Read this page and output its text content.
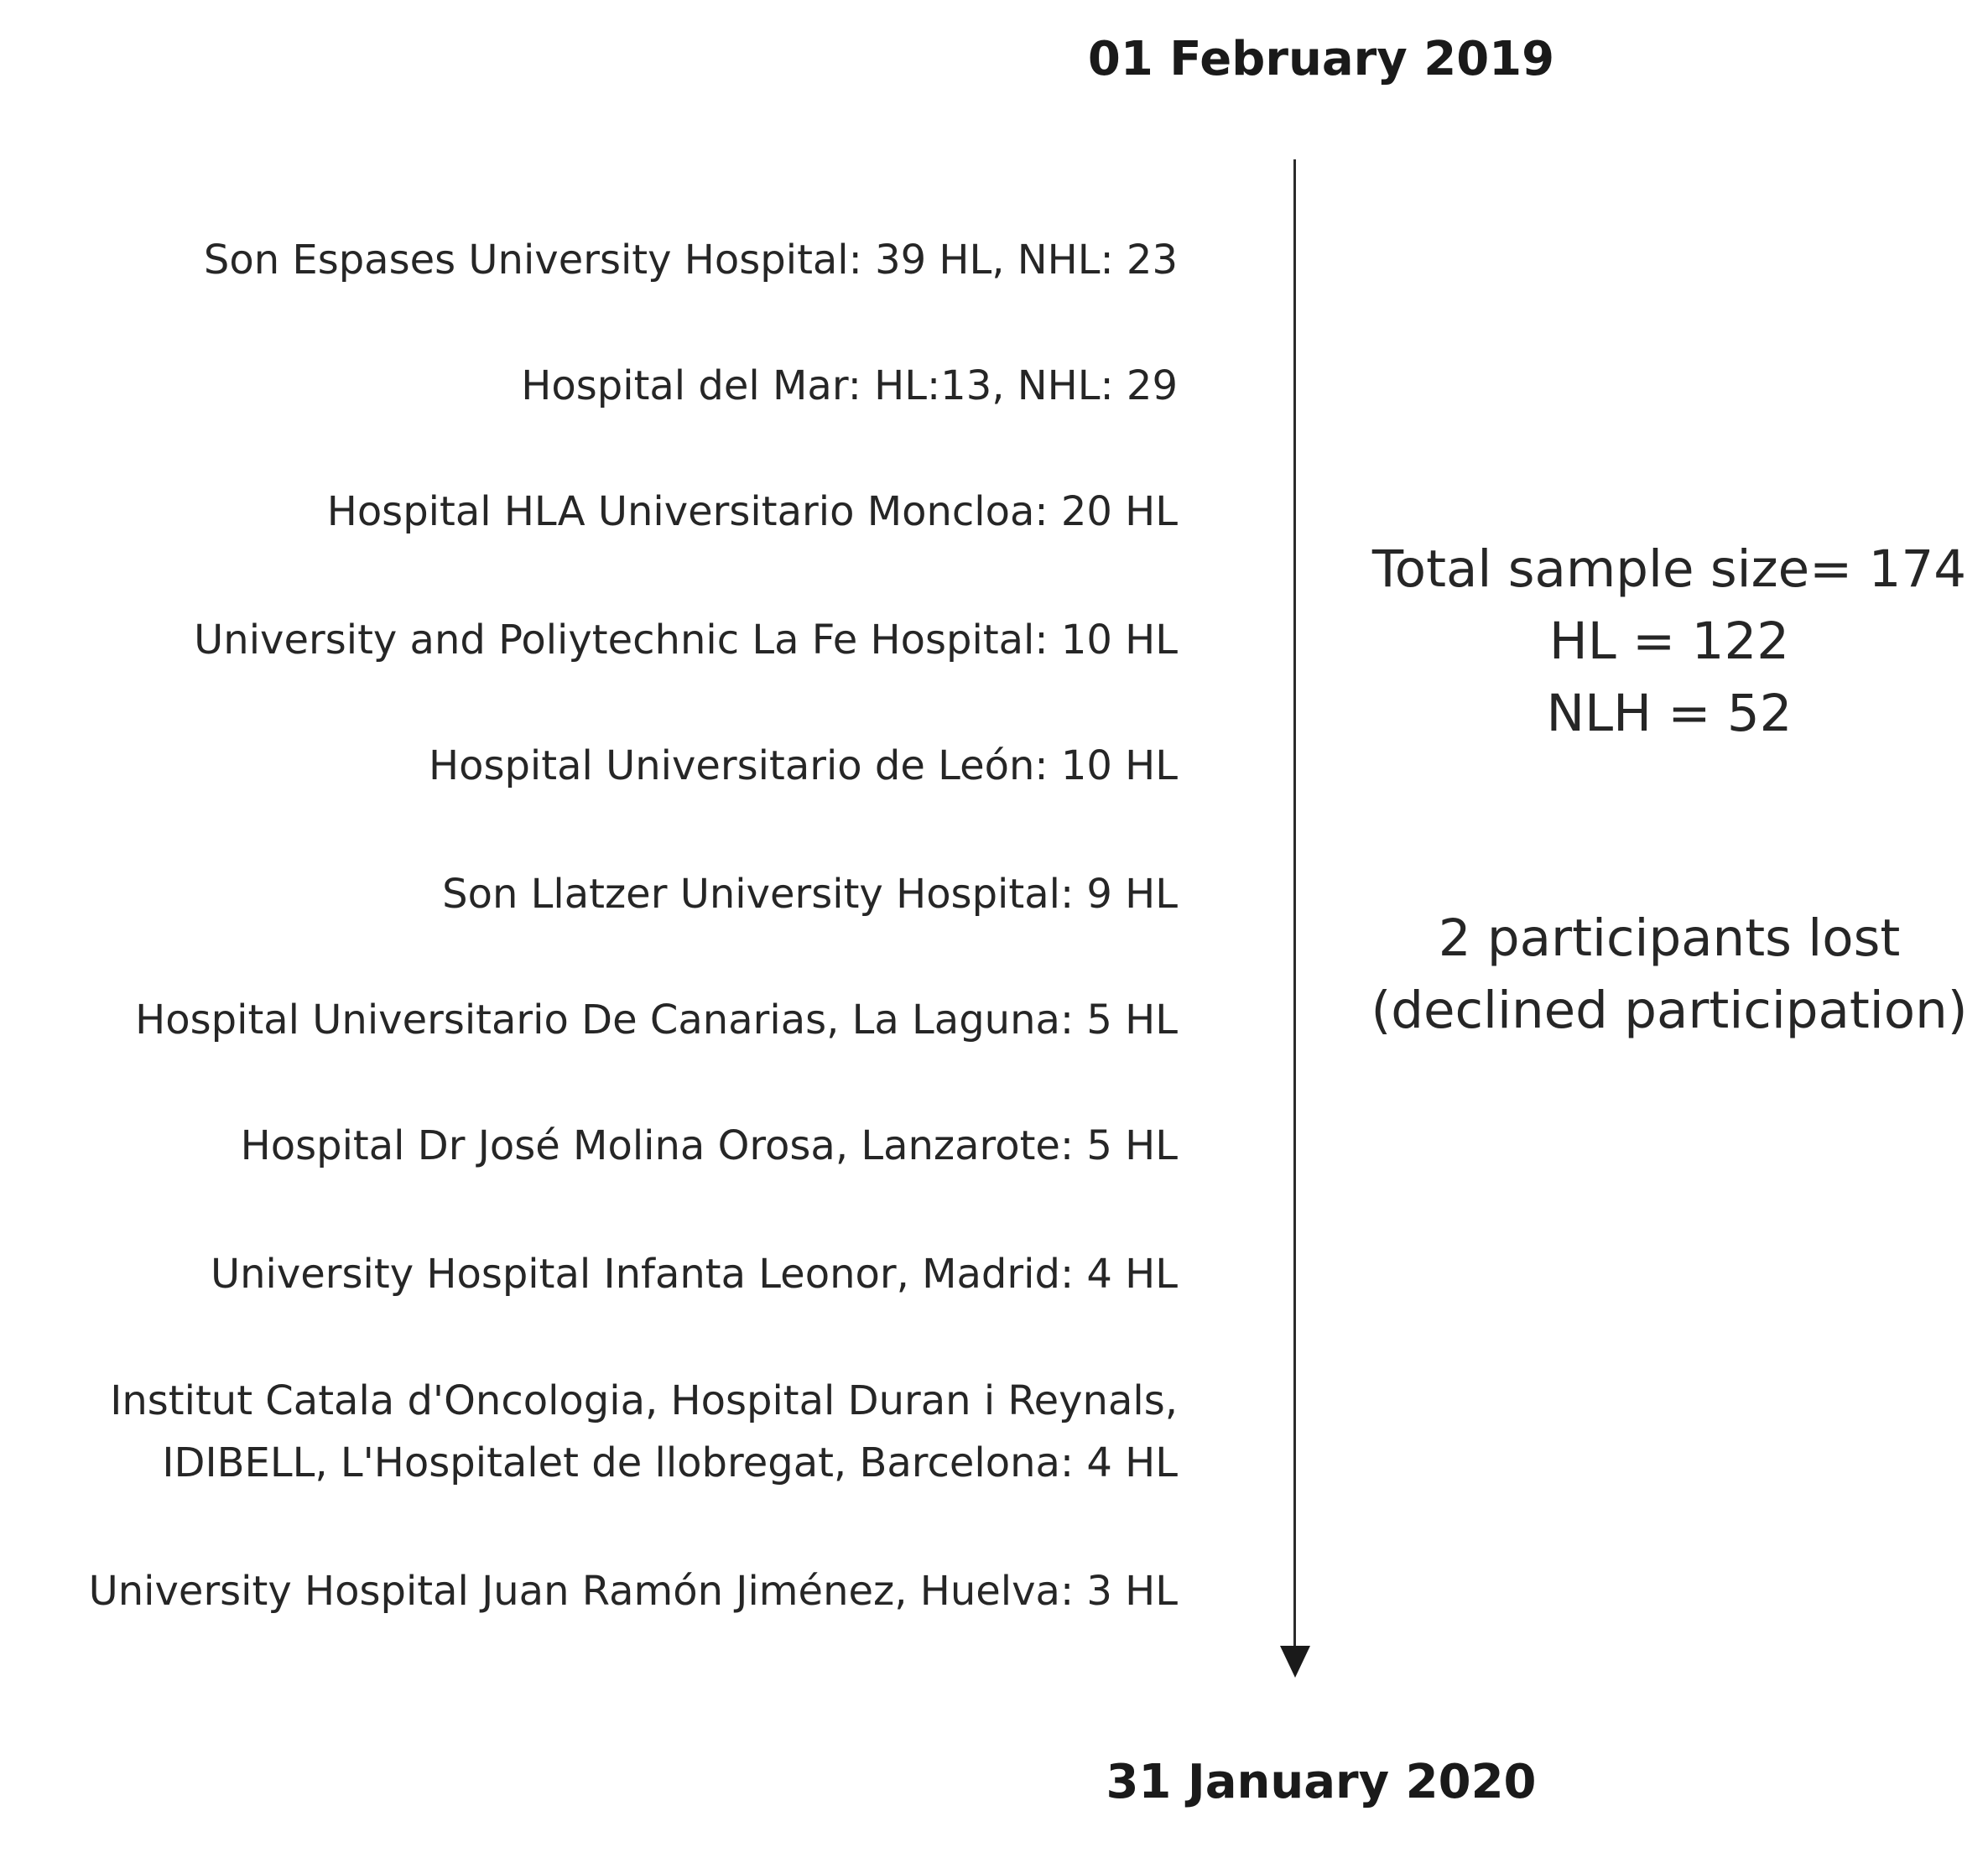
01 February 2019
31 January 2020
Son Espases University Hospital: 39 HL, NHL: 23
Hospital del Mar: HL:13, NHL: 29
Hospital HLA Universitario Moncloa: 20 HL
University and Poliytechnic La Fe Hospital: 10 HL
Hospital Universitario de León: 10 HL
Son Llatzer University Hospital: 9 HL
Hospital Universitario De Canarias, La Laguna: 5 HL
Hospital Dr José Molina Orosa, Lanzarote: 5 HL
University Hospital Infanta Leonor, Madrid: 4 HL
Institut Catala d'Oncologia, Hospital Duran i Reynals,
IDIBELL, L'Hospitalet de llobregat, Barcelona: 4 HL
University Hospital Juan Ramón Jiménez, Huelva: 3 HL
Total sample size= 174
HL = 122
NLH = 52
2 participants lost
(declined participation)
